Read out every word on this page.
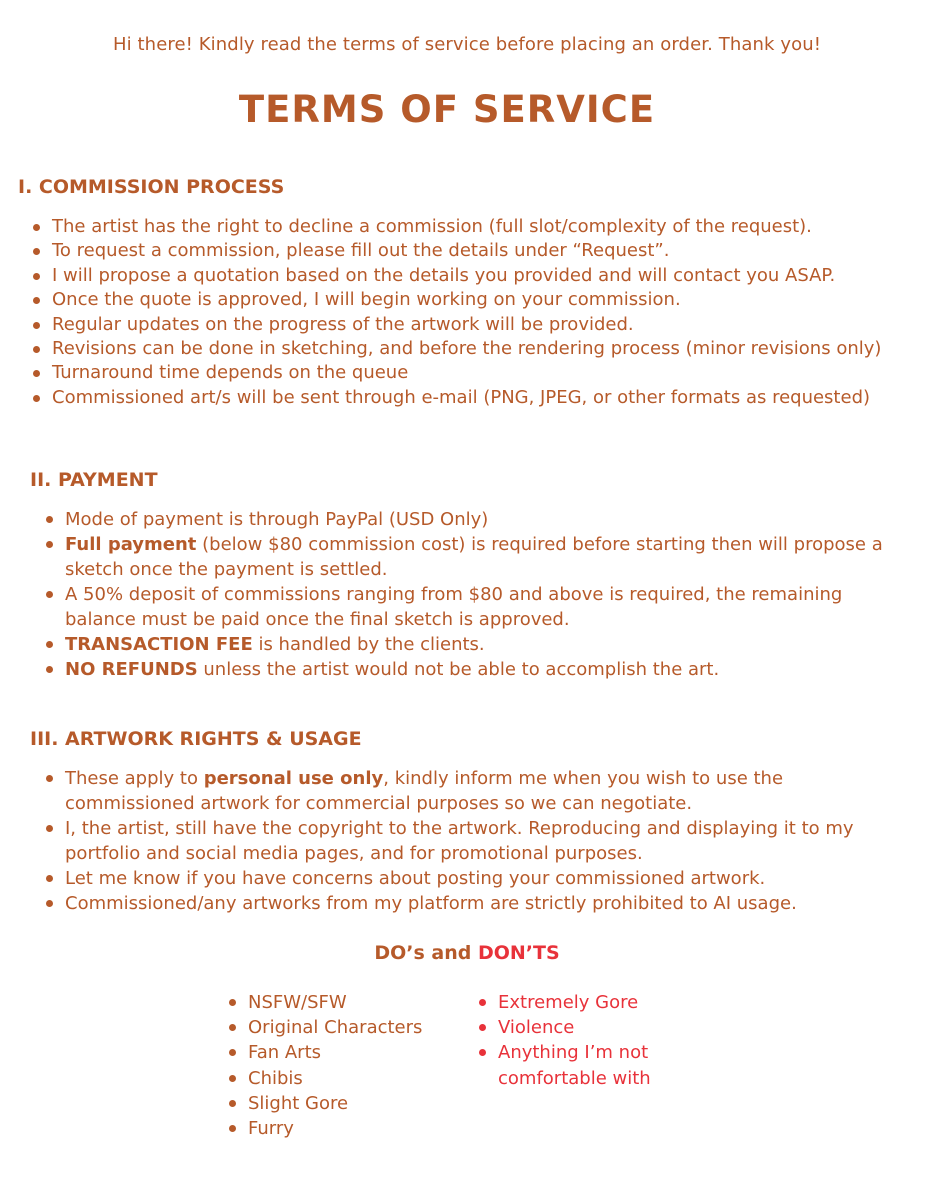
Hi there! Kindly read the terms of service before placing an order. Thank you!
TERMS OF SERVICE
I. COMMISSION PROCESS
The artist has the right to decline a commission (full slot/complexity of the request).
To request a commission, please fill out the details under “Request”.
I will propose a quotation based on the details you provided and will contact you ASAP.
Once the quote is approved, I will begin working on your commission.
Regular updates on the progress of the artwork will be provided.
Revisions can be done in sketching, and before the rendering process (minor revisions only)
Turnaround time depends on the queue
Commissioned art/s will be sent through e-mail (PNG, JPEG, or other formats as requested)
II. PAYMENT
Mode of payment is through PayPal (USD Only)
Full payment (below $80 commission cost) is required before starting then will propose a sketch once the payment is settled.
A 50% deposit of commissions ranging from $80 and above is required, the remaining balance must be paid once the final sketch is approved.
TRANSACTION FEE is handled by the clients.
NO REFUNDS unless the artist would not be able to accomplish the art.
III. ARTWORK RIGHTS & USAGE
These apply to personal use only, kindly inform me when you wish to use the commissioned artwork for commercial purposes so we can negotiate.
I, the artist, still have the copyright to the artwork. Reproducing and displaying it to my portfolio and social media pages, and for promotional purposes.
Let me know if you have concerns about posting your commissioned artwork.
Commissioned/any artworks from my platform are strictly prohibited to AI usage.
DO’s and DON’TS
NSFW/SFW
Original Characters
Fan Arts
Chibis
Slight Gore
Furry
Extremely Gore
Violence
Anything I’m not comfortable with
